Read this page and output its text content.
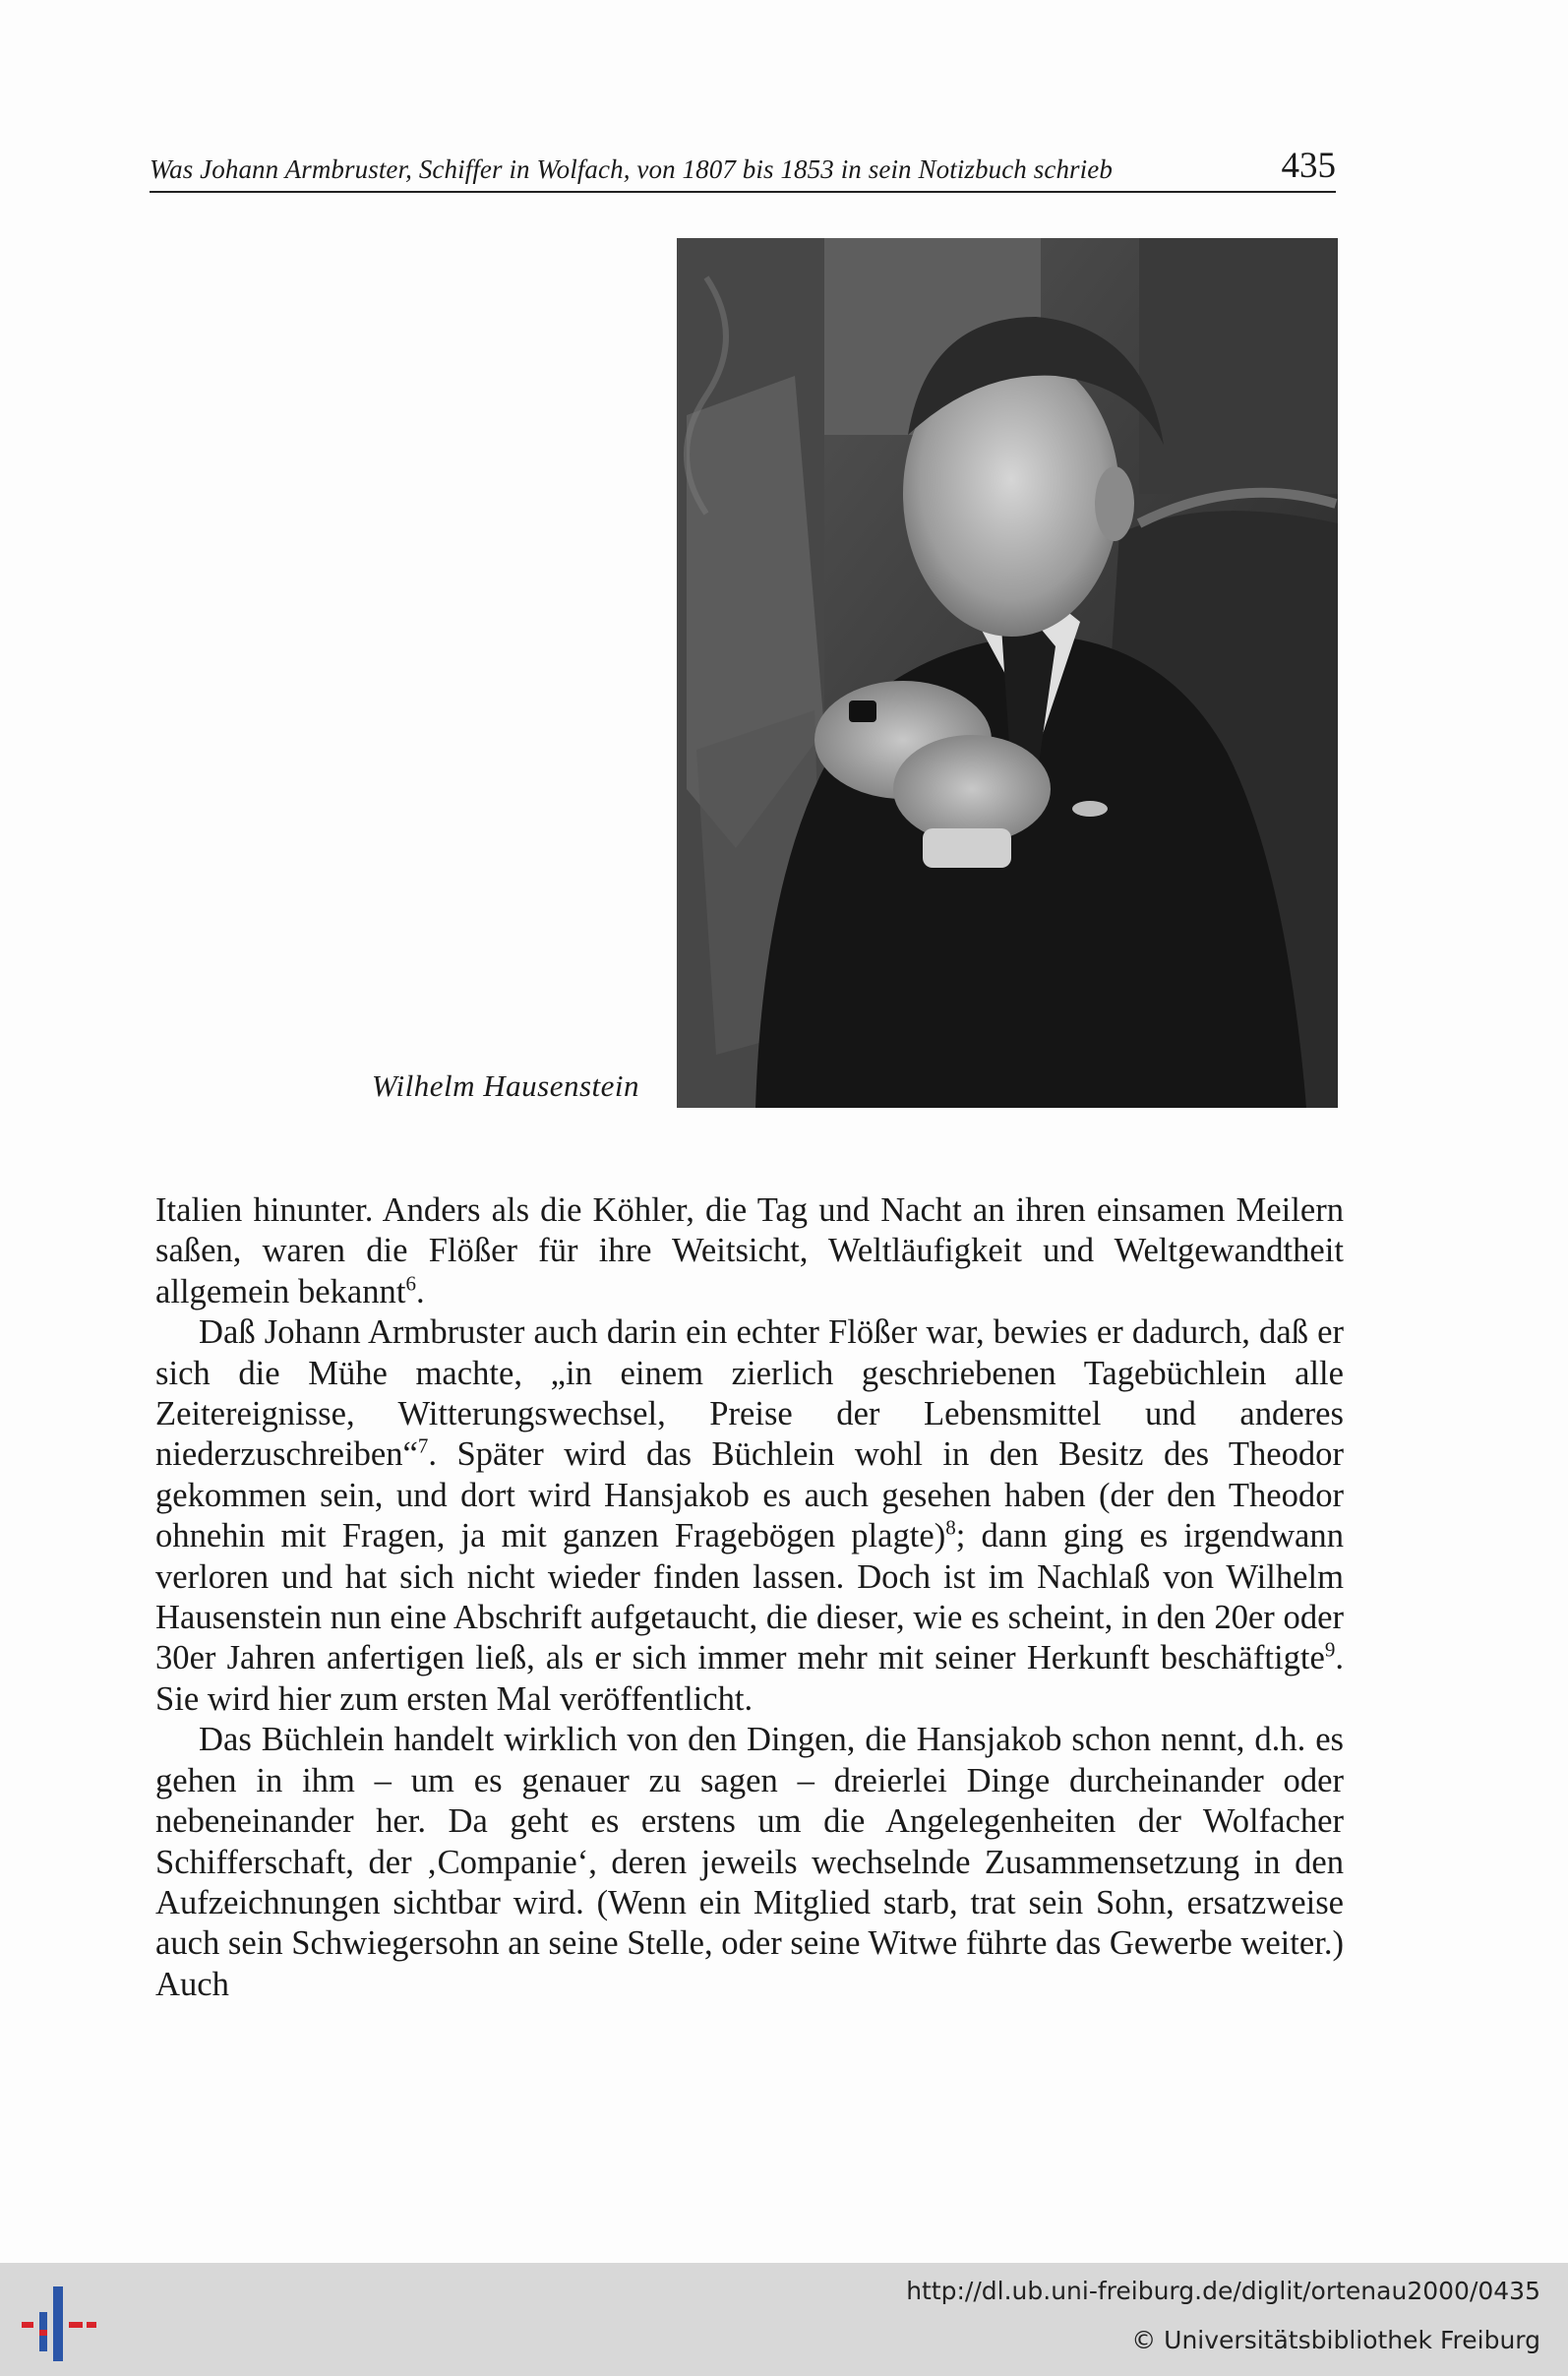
Was Johann Armbruster, Schiffer in Wolfach, von 1807 bis 1853 in sein Notizbuch schrieb	435
Wilhelm Hausenstein

Italien hinunter. Anders als die Köhler, die Tag und Nacht an ihren einsamen Meilern saßen, waren die Flößer für ihre Weitsicht, Weltläufigkeit und Weltgewandtheit allgemein bekannt$^6$.

Daß Johann Armbruster auch darin ein echter Flößer war, bewies er dadurch, daß er sich die Mühe machte, „in einem zierlich geschriebenen Tagebüchlein alle Zeitereignisse, Witterungswechsel, Preise der Lebensmittel und anderes niederzuschreiben“$^7$. Später wird das Büchlein wohl in den Besitz des Theodor gekommen sein, und dort wird Hansjakob es auch gesehen haben (der den Theodor ohnehin mit Fragen, ja mit ganzen Fragebögen plagte)$^8$; dann ging es irgendwann verloren und hat sich nicht wieder finden lassen. Doch ist im Nachlaß von Wilhelm Hausenstein nun eine Abschrift aufgetaucht, die dieser, wie es scheint, in den 20er oder 30er Jahren anfertigen ließ, als er sich immer mehr mit seiner Herkunft beschäftigte$^9$. Sie wird hier zum ersten Mal veröffentlicht.

Das Büchlein handelt wirklich von den Dingen, die Hansjakob schon nennt, d.h. es gehen in ihm – um es genauer zu sagen – dreierlei Dinge durcheinander oder nebeneinander her. Da geht es erstens um die Angelegenheiten der Wolfacher Schifferschaft, der ‚Companie‘, deren jeweils wechselnde Zusammensetzung in den Aufzeichnungen sichtbar wird. (Wenn ein Mitglied starb, trat sein Sohn, ersatzweise auch sein Schwiegersohn an seine Stelle, oder seine Witwe führte das Gewerbe weiter.) Auch

http://dl.ub.uni-freiburg.de/diglit/ortenau2000/0435
© Universitätsbibliothek Freiburg
